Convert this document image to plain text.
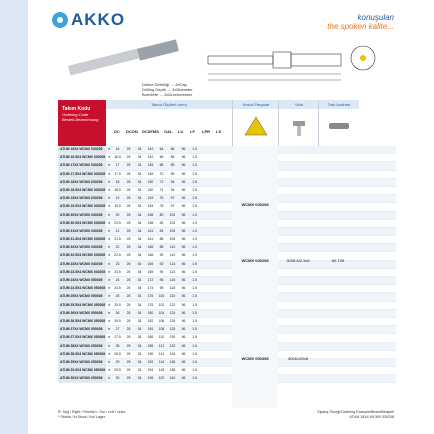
AKKO	konuşulan
the spoken kalite...
Delme Derinliği → 4xCap
Drilling Depth → 4xDiameter
Bohrtiefe → 4xDurchmesser
Takım Kodu
Ordering Code
Bestell-Bezeichnung
Takım Ölçüleri (mm)
DC DCON DCSFMS OAL LU LF LPR LS
Kesici Parçalar	Vida	Tork Anahtar
ATUM 16X4 WCMX 030208	★	16	25	34	142	64	86	56	1.5
ATUM 16.5X4 WCMX 030208 ★	16.5	25	34	142	66	86	56	1.5
ATUM 17X4 WCMX 030208	★	17	25	34	145	68	89	56	1.5
ATUM 17.5X4 WCMX 030208 ★	17.5	25	34	145	70	89	56	1.5
ATUM 18X4 WCMX 030208	★	18	25	34	150	72	94	56	1.5
ATUM 18.5X4 WCMX 030208 ★	18.5	25	34	150	74	94	56	1.5
ATUM 19X4 WCMX 030208	★	19	25	34	153	76	97	56	1.5
ATUM 19.5X4 WCMX 030208 ★	19.5	25	34	153	78	97	56	1.5
ATUM 20X4 WCMX 040208	★	20	25	34	158	80	102	56	1.5
ATUM 20.5X4 WCMX 040208 ★	20.5	25	34	158	82	102	56	1.5
ATUM 21X4 WCMX 040208	★	21	25	34	161	84	105	56	1.5
ATUM 21.5X4 WCMX 040208 ★	21.5	25	34	161	86	105	56	1.5
ATUM 22X4 WCMX 040208	★	22	25	34	166	88	110	56	1.5
ATUM 22.5X4 WCMX 040208 ★	22.5	25	34	166	90	110	56	1.5
ATUM 23X4 WCMX 040208	★	23	25	34	169	92	113	56	1.5
ATUM 23.5X4 WCMX 040208 ★	23.5	25	34	169	94	113	56	1.5
ATUM 24X4 WCMX 050308	★	24	25	34	172	96	116	56	1.5
ATUM 24.5X4 WCMX 050308 ★	24.5	25	34	174	98	118	56	1.5
ATUM 25X4 WCMX 050308	★	25	25	34	176	100	120	56	1.5
ATUM 25.5X4 WCMX 050308 ★	25.5	25	34	178	102	122	56	1.5
ATUM 26X4 WCMX 050308	★	26	25	34	180	104	124	56	1.5
ATUM 26.5X4 WCMX 050308 ★	26.5	25	34	182	106	126	56	1.5
ATUM 27X4 WCMX 050308	★	27	25	34	184	108	128	56	1.5
ATUM 27.5X4 WCMX 050308 ★	27.5	25	34	186	110	130	56	1.5
ATUM 28X4 WCMX 050308	★	28	25	34	188	112	132	56	1.5
ATUM 28.5X4 WCMX 050308 ★	28.5	25	34	190	114	134	56	1.5
ATUM 29X4 WCMX 050308	★	29	25	34	192	116	136	56	1.5
ATUM 29.5X4 WCMX 050308 ★	29.5	25	34	194	118	138	56	1.5
ATUM 30X4 WCMX 050308	★	30	25	34	196	120	140	56	1.5
WCMX 030208
WCMX 040208
WCMX 050308
3008-M2.5x6
3008-M3x8
80-T08
R: Sağ / Right / Rechts L: Sol / Left / Links
* Stokta / In Stock / Auf Lager
Sipariş Örneği/Ordering Example/Bestellbeispiel
ATUM 16X4 WCMX 030208
